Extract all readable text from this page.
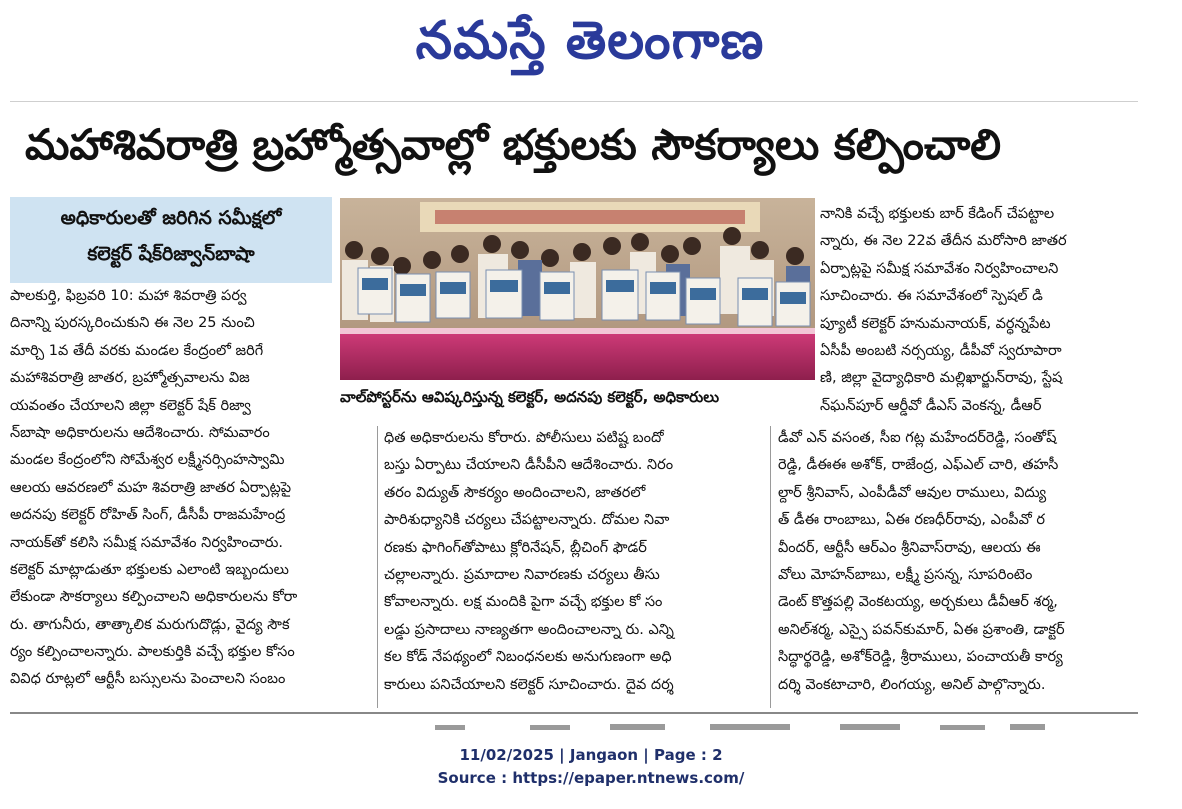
నమస్తే తెలంగాణ
మహాశివరాత్రి బ్రహ్మోత్సవాల్లో భక్తులకు సౌకర్యాలు కల్పించాలి
అధికారులతో జరిగిన సమీక్షలో
కలెక్టర్ షేక్‌రిజ్వాన్‌బాషా
వాల్‌పోస్టర్‌ను ఆవిష్కరిస్తున్న కలెక్టర్, అదనపు కలెక్టర్, అధికారులు
పాలకుర్తి, ఫిబ్రవరి 10: మహా శివరాత్రి పర్వ
దినాన్ని పురస్కరించుకుని ఈ నెల 25 నుంచి
మార్చి 1వ తేదీ వరకు మండల కేంద్రంలో జరిగే
మహాశివరాత్రి జాతర, బ్రహ్మోత్సవాలను విజ
యవంతం చేయాలని జిల్లా కలెక్టర్ షేక్ రిజ్వా
న్‌బాషా అధికారులను ఆదేశించారు. సోమవారం
మండల కేంద్రంలోని సోమేశ్వర లక్ష్మీనర్సింహస్వామి
ఆలయ ఆవరణలో మహ శివరాత్రి జాతర ఏర్పాట్లపై
అదనపు కలెక్టర్ రోహిత్ సింగ్, డీసీపీ రాజమహేంద్ర
నాయక్‌తో కలిసి సమీక్ష సమావేశం నిర్వహించారు.
కలెక్టర్ మాట్లాడుతూ భక్తులకు ఎలాంటి ఇబ్బందులు
లేకుండా సౌకర్యాలు కల్పించాలని అధికారులను కోరా
రు. తాగునీరు, తాత్కాలిక మరుగుదొడ్లు, వైద్య సౌక
ర్యం కల్పించాలన్నారు. పాలకుర్తికి వచ్చే భక్తుల కోసం
వివిధ రూట్లలో ఆర్టీసీ బస్సులను పెంచాలని సంబం
ధిత అధికారులను కోరారు. పోలీసులు పటిష్ట బందో
బస్తు ఏర్పాటు చేయాలని డీసీపీని ఆదేశించారు. నిరం
తరం విద్యుత్ సౌకర్యం అందించాలని, జాతరలో
పారిశుధ్యానికి చర్యలు చేపట్టాలన్నారు. దోమల నివా
రణకు ఫాగింగ్‌తోపాటు క్లోరినేషన్, బ్లీచింగ్ ఫౌడర్
చల్లాలన్నారు. ప్రమాదాల నివారణకు చర్యలు తీసు
కోవాలన్నారు. లక్ష మందికి పైగా వచ్చే భక్తుల కో సం
లడ్డు ప్రసాదాలు నాణ్యతగా అందించాలన్నా రు. ఎన్ని
కల కోడ్ నేపథ్యంలో నిబంధనలకు అనుగుణంగా అధి
కారులు పనిచేయాలని కలెక్టర్ సూచించారు. దైవ దర్శ
నానికి వచ్చే భక్తులకు బార్ కేడింగ్ చేపట్టాల
న్నారు, ఈ నెల 22వ తేదీన మరోసారి జాతర
ఏర్పాట్లపై సమీక్ష సమావేశం నిర్వహించాలని
సూచించారు. ఈ సమావేశంలో స్పెషల్ డి
ప్యూటీ కలెక్టర్ హనుమనాయక్, వర్ధన్నపేట
ఏసీపీ అంబటి నర్సయ్య, డీపీవో స్వరూపారా
ణి, జిల్లా వైద్యాధికారి మల్లిఖార్జున్‌రావు, స్టేష
న్‌ఘన్‌పూర్ ఆర్డీవో డీఎస్ వెంకన్న, డీఆర్
డీవో ఎన్ వసంత, సీఐ గట్ల మహేందర్‌రెడ్డి, సంతోష్
రెడ్డి, డీఈఈ అశోక్, రాజేంద్ర, ఎఫ్ఎల్ చారి, తహసీ
ల్దార్ శ్రీనివాస్, ఎంపీడీవో ఆవుల రాములు, విద్యు
త్ డీఈ రాంబాబు, ఏఈ రణధీర్‌రావు, ఎంపీవో ర
వీందర్, ఆర్టీసీ ఆర్ఎం శ్రీనివాస్‌రావు, ఆలయ ఈ
వోలు మోహన్‌బాబు, లక్ష్మీ ప్రసన్న, సూపరింటెం
డెంట్ కొత్తపల్లి వెంకటయ్య, అర్చకులు డీవీఆర్ శర్మ,
అనిల్‌శర్మ, ఎస్సై పవన్‌కుమార్, ఏఈ ప్రశాంతి, డాక్టర్
సిద్ధార్థరెడ్డి, అశోక్‌రెడ్డి, శ్రీరాములు, పంచాయతీ కార్య
దర్శి వెంకటాచారి, లింగయ్య, అనిల్ పాల్గొన్నారు.
11/02/2025 | Jangaon | Page : 2
Source : https://epaper.ntnews.com/
